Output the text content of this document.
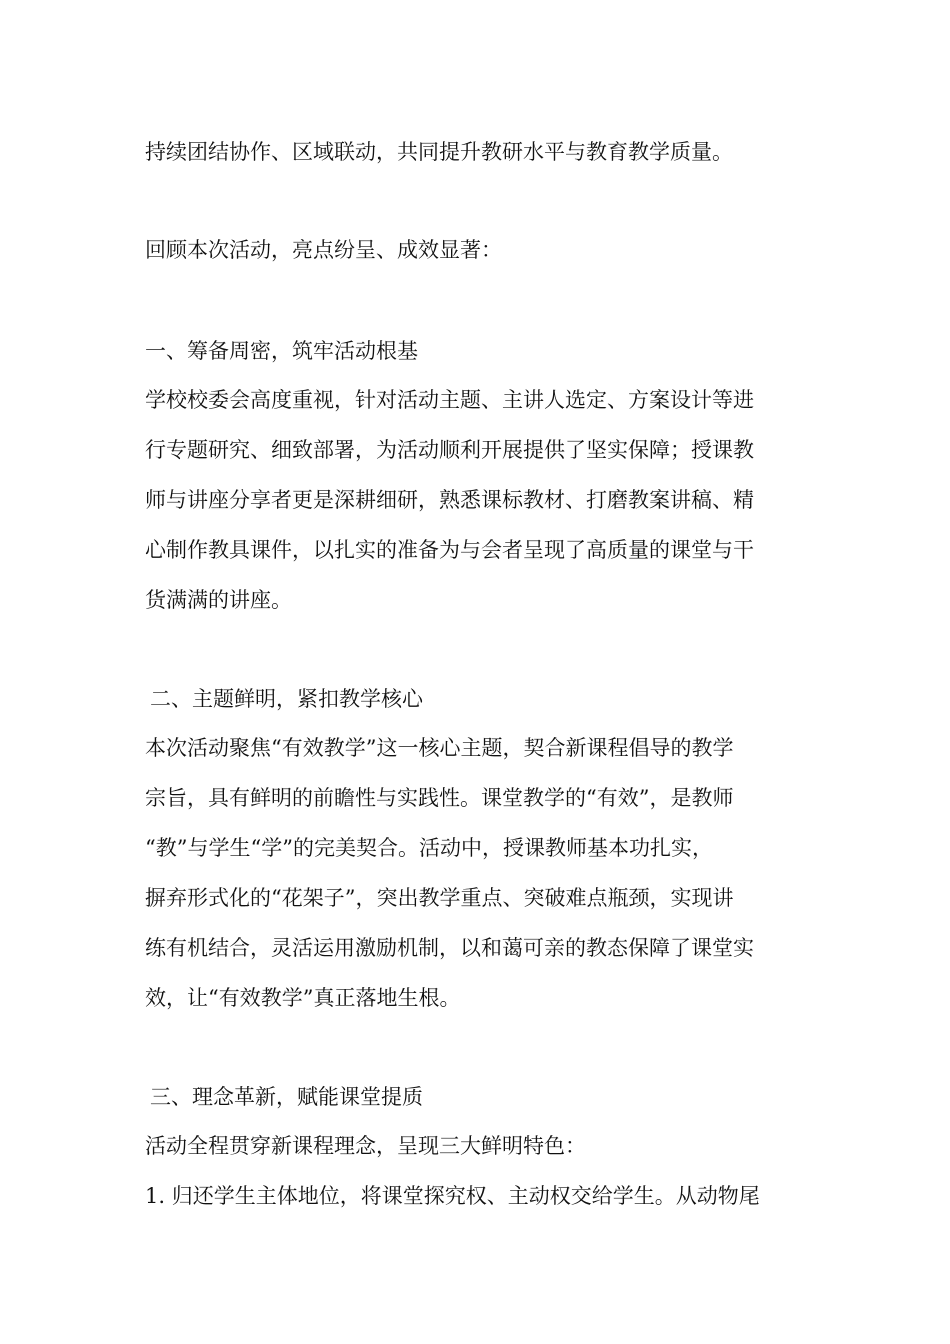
持续团结协作、区域联动，共同提升教研水平与教育教学质量。
回顾本次活动，亮点纷呈、成效显著：
一、筹备周密，筑牢活动根基
学校校委会高度重视，针对活动主题、主讲人选定、方案设计等进
行专题研究、细致部署，为活动顺利开展提供了坚实保障；授课教
师与讲座分享者更是深耕细研，熟悉课标教材、打磨教案讲稿、精
心制作教具课件，以扎实的准备为与会者呈现了高质量的课堂与干
货满满的讲座。
二、主题鲜明，紧扣教学核心
本次活动聚焦“有效教学”这一核心主题，契合新课程倡导的教学
宗旨，具有鲜明的前瞻性与实践性。课堂教学的“有效”，是教师
“教”与学生“学”的完美契合。活动中，授课教师基本功扎实，
摒弃形式化的“花架子”，突出教学重点、突破难点瓶颈，实现讲
练有机结合，灵活运用激励机制，以和蔼可亲的教态保障了课堂实
效，让“有效教学”真正落地生根。
三、理念革新，赋能课堂提质
活动全程贯穿新课程理念，呈现三大鲜明特色：
1. 归还学生主体地位，将课堂探究权、主动权交给学生。从动物尾
